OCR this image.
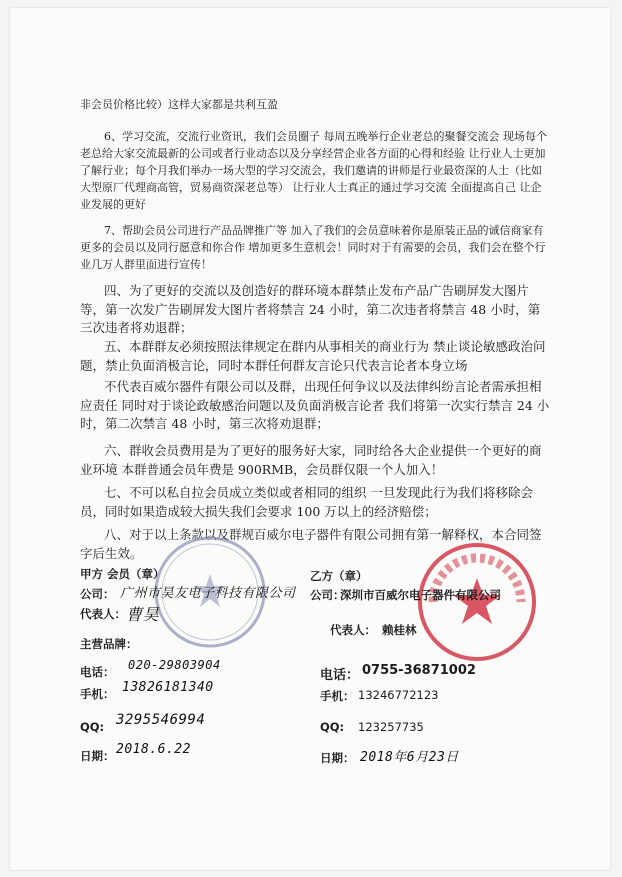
非会员价格比较）这样大家都是共利互盈

6、学习交流，交流行业资讯，我们会员圈子 每周五晚举行企业老总的聚餐交流会 现场每个老总给大家交流最新的公司或者行业动态以及分享经营企业各方面的心得和经验 让行业人士更加了解行业；每个月我们举办一场大型的学习交流会，我们邀请的讲师是行业最资深的人士（比如大型原厂代理商高管，贸易商资深老总等） 让行业人士真正的通过学习交流 全面提高自己 让企业发展的更好

7、帮助会员公司进行产品品牌推广等 加入了我们的会员意味着你是原装正品的诚信商家有更多的会员以及同行愿意和你合作 增加更多生意机会！同时对于有需要的会员，我们会在整个行业几万人群里面进行宣传！

四、为了更好的交流以及创造好的群环境本群禁止发布产品广告刷屏发大图片等，第一次发广告刷屏发大图片者将禁言 24 小时，第二次违者将禁言 48 小时，第三次违者将劝退群；

五、本群群友必须按照法律规定在群内从事相关的商业行为 禁止谈论敏感政治问题，禁止负面消极言论，同时本群任何群友言论只代表言论者本身立场

不代表百威尔器件有限公司以及群，出现任何争议以及法律纠纷言论者需承担相应责任 同时对于谈论政敏感治问题以及负面消极言论者 我们将第一次实行禁言 24 小时，第二次禁言 48 小时，第三次将劝退群；

六、群收会员费用是为了更好的服务好大家，同时给各大企业提供一个更好的商业环境 本群普通会员年费是 900RMB，会员群仅限一个人加入！

七、不可以私自拉会员成立类似或者相同的组织 一旦发现此行为我们将移除会员，同时如果造成较大损失我们会要求 100 万以上的经济赔偿；

八、对于以上条款以及群规百威尔电子器件有限公司拥有第一解释权，本合同签字后生效。

甲方 会员（章）
公司： 广州市昊友电子科技有限公司
代表人： 曹昊
主营品牌：
电话： 020-29803904
手机： 13826181340
QQ: 3295546994
日期： 2018.6.22
乙方（章）
公司：
深圳市百威尔电子器件有限公司
代表人： 赖桂林
电话： 0755-36871002
手机： 13246772123
QQ: 123257735
日期： 2018年6月23日
